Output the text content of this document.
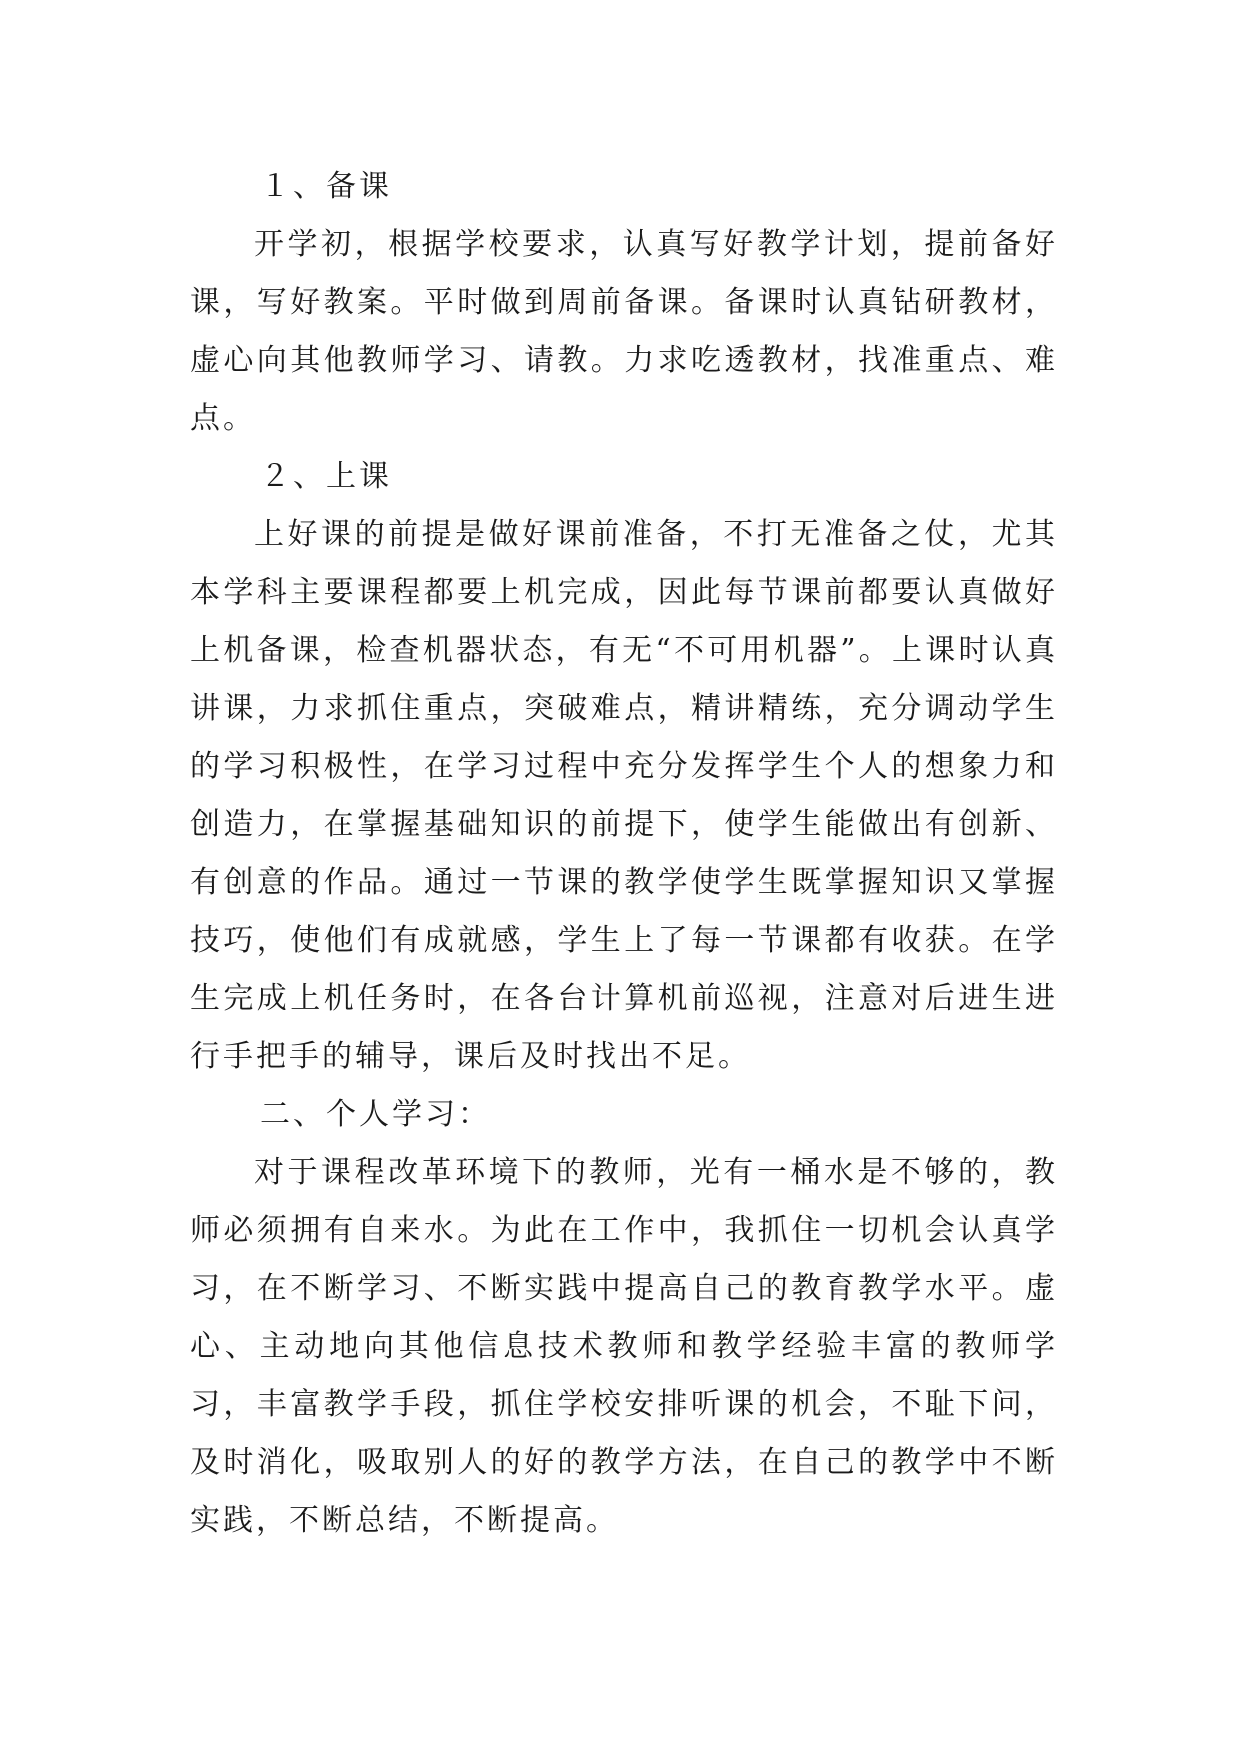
１、备课

开学初，根据学校要求，认真写好教学计划，提前备好课，写好教案。平时做到周前备课。备课时认真钻研教材，虚心向其他教师学习、请教。力求吃透教材，找准重点、难点。

２、上课

上好课的前提是做好课前准备，不打无准备之仗，尤其本学科主要课程都要上机完成，因此每节课前都要认真做好上机备课，检查机器状态，有无“不可用机器”。上课时认真讲课，力求抓住重点，突破难点，精讲精练，充分调动学生的学习积极性，在学习过程中充分发挥学生个人的想象力和创造力，在掌握基础知识的前提下，使学生能做出有创新、有创意的作品。通过一节课的教学使学生既掌握知识又掌握技巧，使他们有成就感，学生上了每一节课都有收获。在学生完成上机任务时，在各台计算机前巡视，注意对后进生进行手把手的辅导，课后及时找出不足。

二、个人学习：

对于课程改革环境下的教师，光有一桶水是不够的，教师必须拥有自来水。为此在工作中，我抓住一切机会认真学习，在不断学习、不断实践中提高自己的教育教学水平。虚心、主动地向其他信息技术教师和教学经验丰富的教师学习，丰富教学手段，抓住学校安排听课的机会，不耻下问，及时消化，吸取别人的好的教学方法，在自己的教学中不断实践，不断总结，不断提高。
